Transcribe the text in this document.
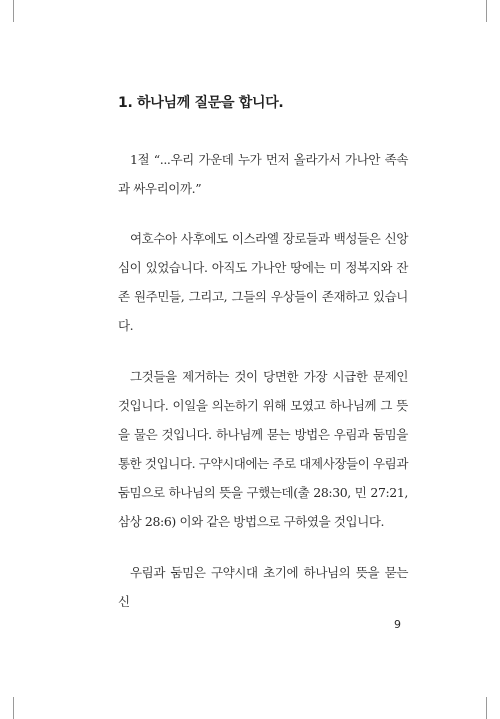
1. 하나님께 질문을 합니다.

1절 “...우리 가운데 누가 먼저 올라가서 가나안 족속과 싸우리이까.”

여호수아 사후에도 이스라엘 장로들과 백성들은 신앙심이 있었습니다. 아직도 가나안 땅에는 미 정복지와 잔존 원주민들, 그리고, 그들의 우상들이 존재하고 있습니다.

그것들을 제거하는 것이 당면한 가장 시급한 문제인 것입니다. 이일을 의논하기 위해 모였고 하나님께 그 뜻을 물은 것입니다. 하나님께 묻는 방법은 우림과 둠밈을 통한 것입니다. 구약시대에는 주로 대제사장들이 우림과 둠밈으로 하나님의 뜻을 구했는데(출 28:30, 민 27:21, 삼상 28:6) 이와 같은 방법으로 구하였을 것입니다.

우림과 둠밈은 구약시대 초기에 하나님의 뜻을 묻는 신

9
